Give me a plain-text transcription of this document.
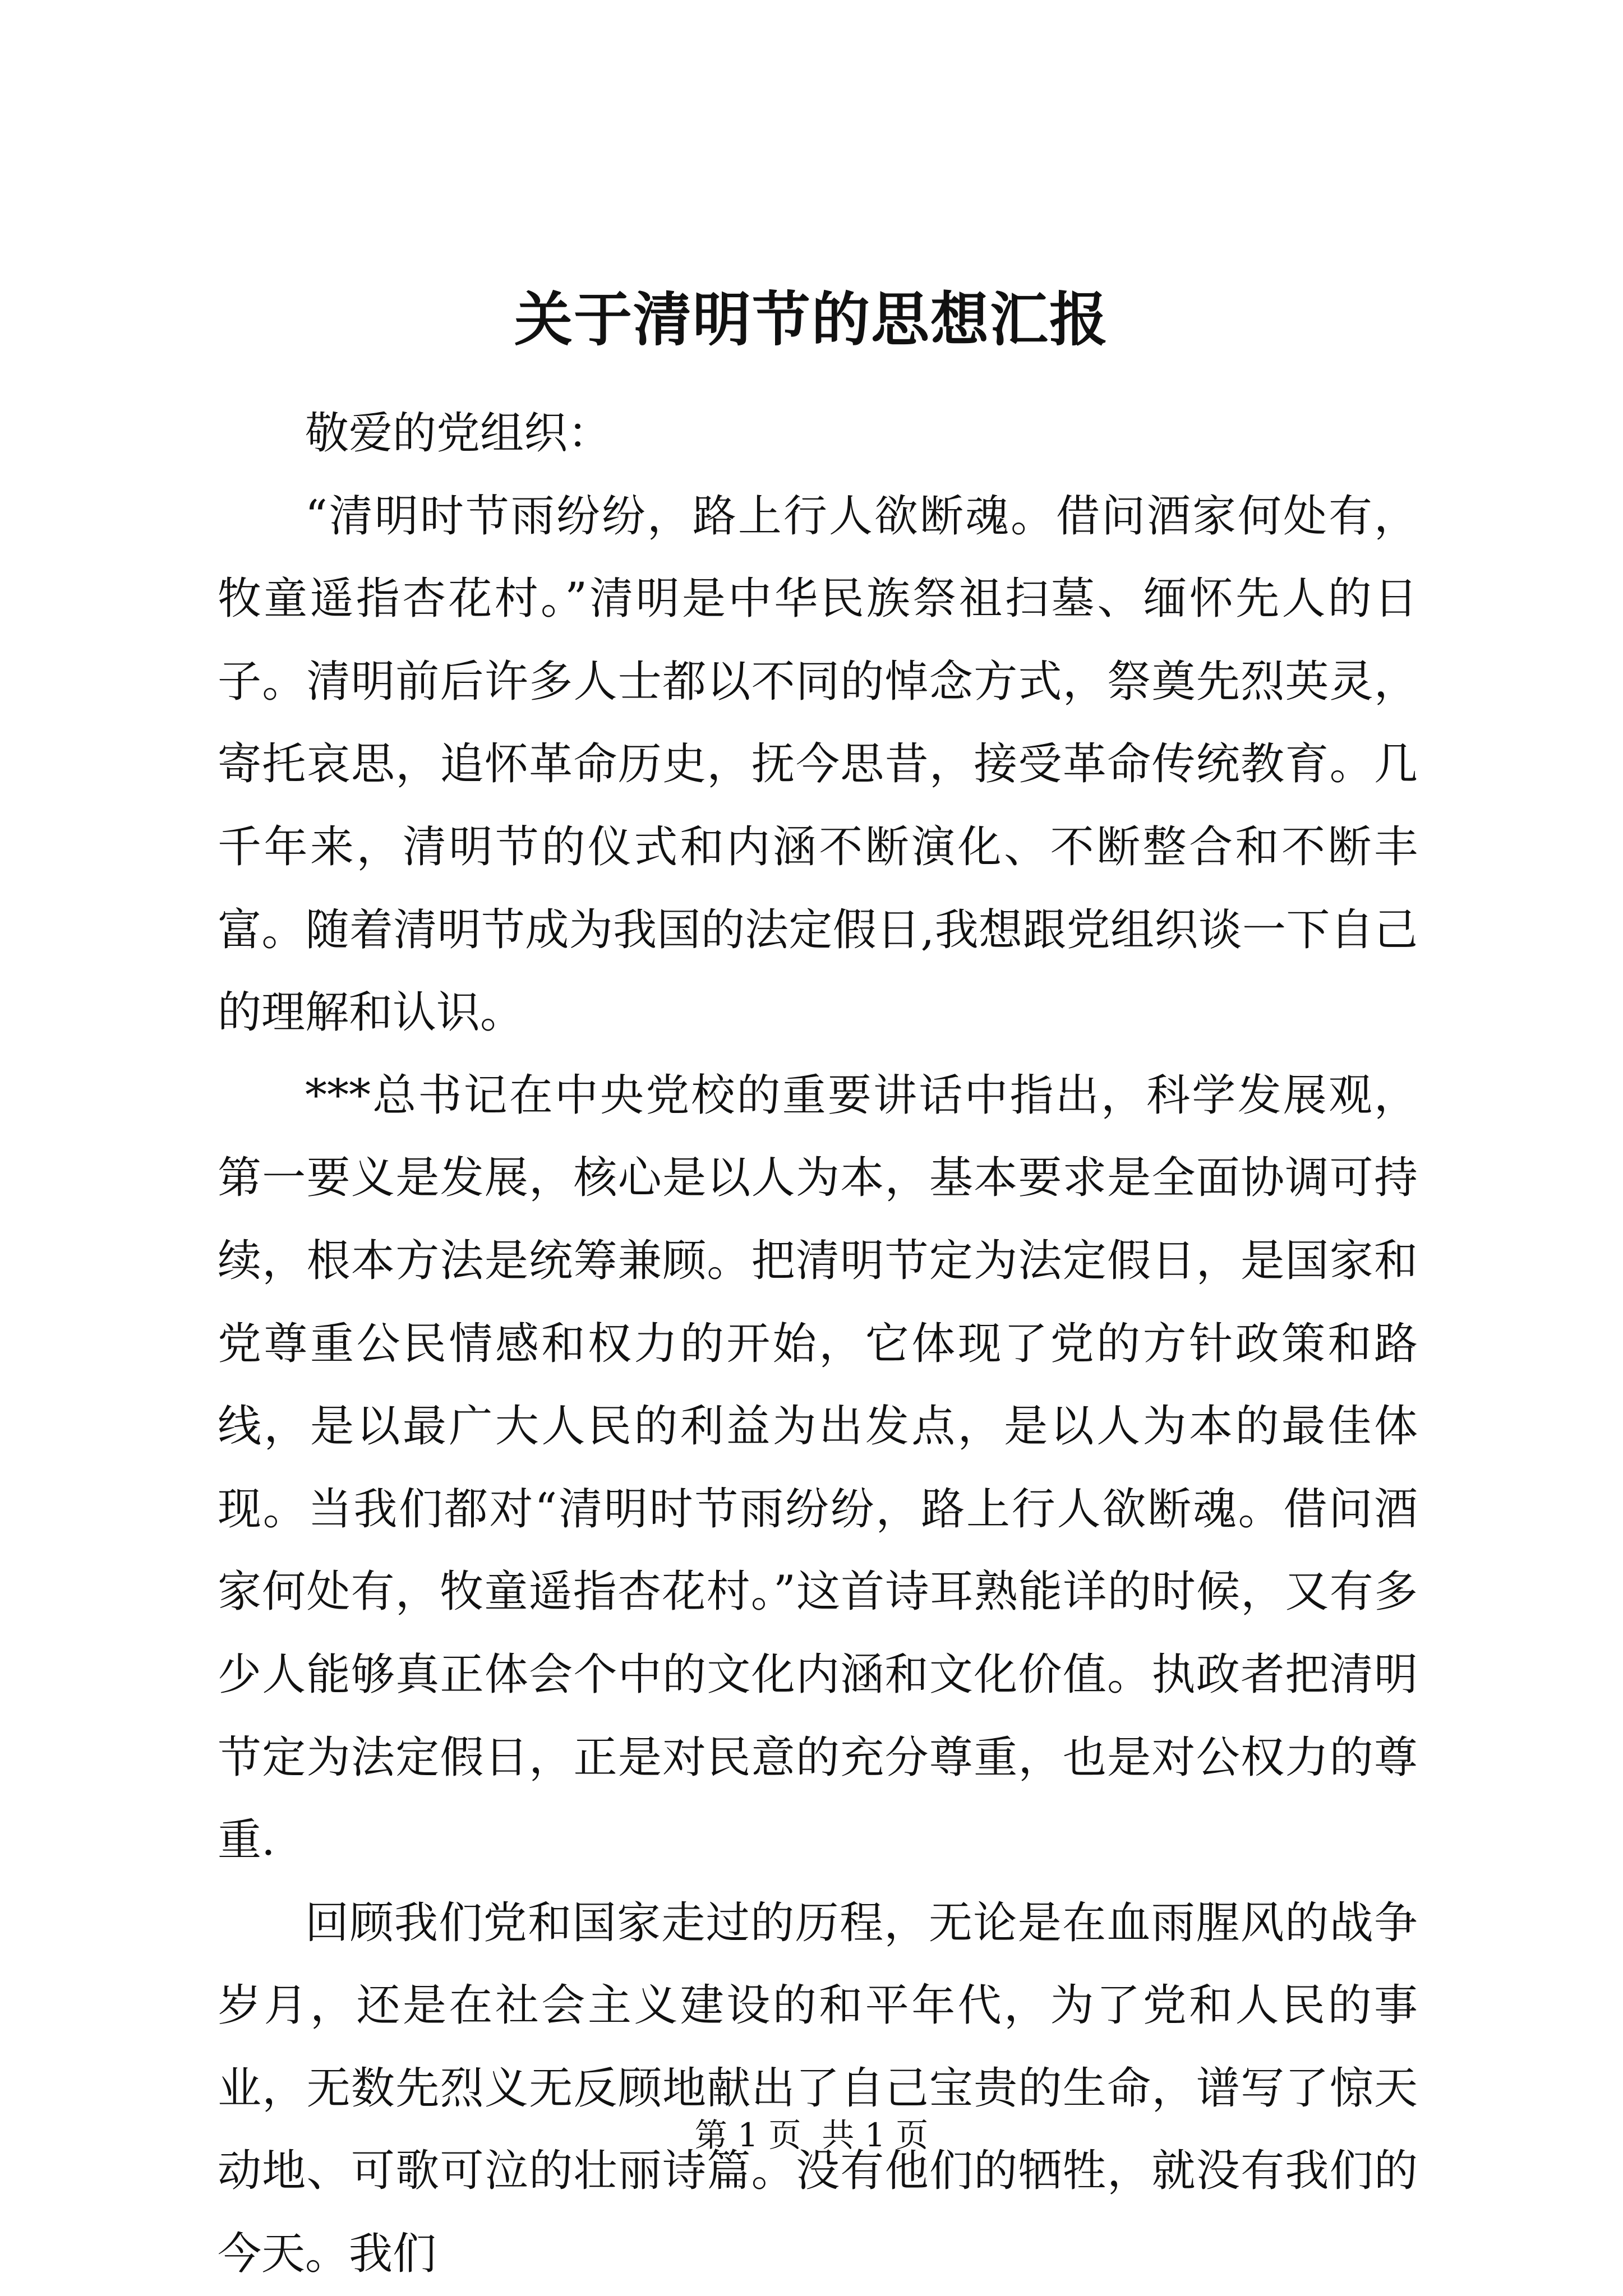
关于清明节的思想汇报

敬爱的党组织：

“清明时节雨纷纷，路上行人欲断魂。借问酒家何处有，牧童遥指杏花村。”清明是中华民族祭祖扫墓、缅怀先人的日子。清明前后许多人士都以不同的悼念方式，祭奠先烈英灵，寄托哀思，追怀革命历史，抚今思昔，接受革命传统教育。几千年来，清明节的仪式和内涵不断演化、不断整合和不断丰富。随着清明节成为我国的法定假日,我想跟党组织谈一下自己的理解和认识。

***总书记在中央党校的重要讲话中指出，科学发展观，第一要义是发展，核心是以人为本，基本要求是全面协调可持续，根本方法是统筹兼顾。把清明节定为法定假日，是国家和党尊重公民情感和权力的开始，它体现了党的方针政策和路线，是以最广大人民的利益为出发点，是以人为本的最佳体现。当我们都对“清明时节雨纷纷，路上行人欲断魂。借问酒家何处有，牧童遥指杏花村。”这首诗耳熟能详的时候，又有多少人能够真正体会个中的文化内涵和文化价值。执政者把清明节定为法定假日，正是对民意的充分尊重，也是对公权力的尊重.

回顾我们党和国家走过的历程，无论是在血雨腥风的战争岁月，还是在社会主义建设的和平年代，为了党和人民的事业，无数先烈义无反顾地献出了自己宝贵的生命，谱写了惊天动地、可歌可泣的壮丽诗篇。没有他们的牺牲，就没有我们的今天。我们

第 1 页  共 1 页
